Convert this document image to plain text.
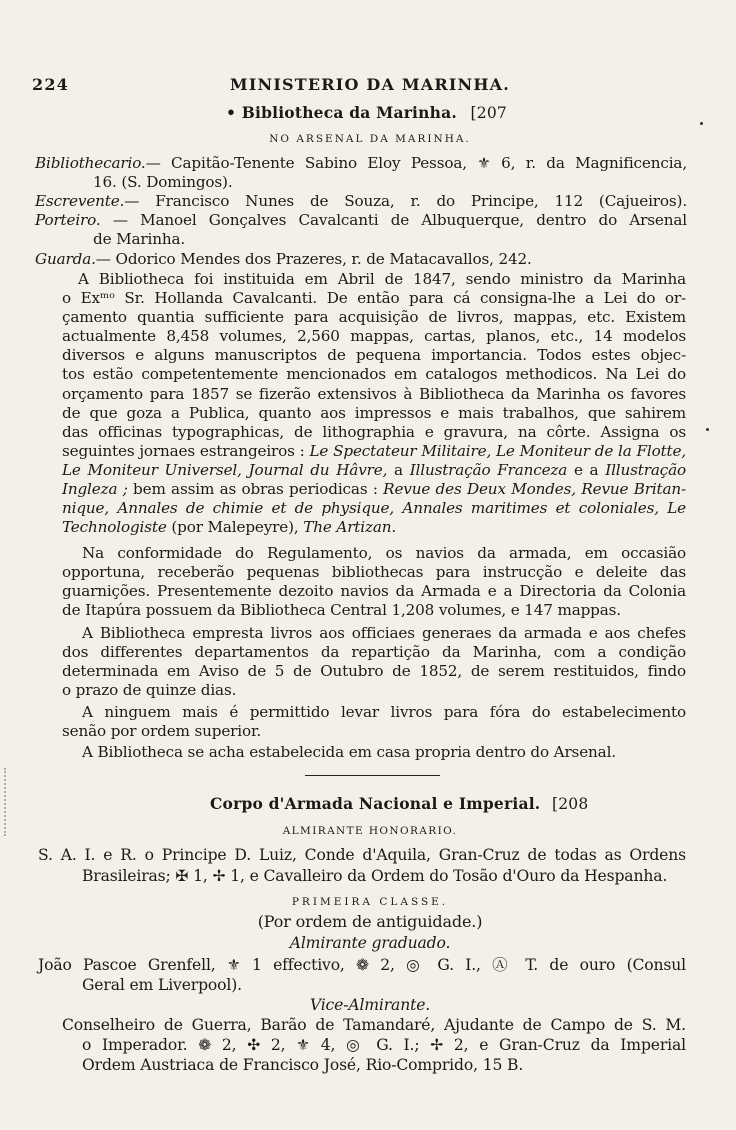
224	MINISTERIO DA MARINHA.
• Bibliotheca da Marinha. [207
NO ARSENAL DA MARINHA.
Bibliothecario.— Capitão-Tenente Sabino Eloy Pessoa, ⚜ 6, r. da Magnificencia,
16. (S. Domingos).
Escrevente.— Francisco Nunes de Souza, r. do Principe, 112 (Cajueiros).
Porteiro. — Manoel Gonçalves Cavalcanti de Albuquerque, dentro do Arsenal
de Marinha.
Guarda.— Odorico Mendes dos Prazeres, r. de Matacavallos, 242.
A Bibliotheca foi instituida em Abril de 1847, sendo ministro da Marinha
o Exᵐᵒ Sr. Hollanda Cavalcanti. De então para cá consigna-lhe a Lei do or-
çamento quantia sufficiente para acquisição de livros, mappas, etc. Existem
actualmente 8,458 volumes, 2,560 mappas, cartas, planos, etc., 14 modelos
diversos e alguns manuscriptos de pequena importancia. Todos estes objec-
tos estão competentemente mencionados em catalogos methodicos. Na Lei do
orçamento para 1857 se fizerão extensivos à Bibliotheca da Marinha os favores
de que goza a Publica, quanto aos impressos e mais trabalhos, que sahirem
das officinas typographicas, de lithographia e gravura, na côrte. Assigna os
seguintes jornaes estrangeiros : Le Spectateur Militaire, Le Moniteur de la Flotte,
Le Moniteur Universel, Journal du Hâvre, a Illustração Franceza e a Illustração
Ingleza ; bem assim as obras periodicas : Revue des Deux Mondes, Revue Britan-
nique, Annales de chimie et de physique, Annales maritimes et coloniales, Le
Technologiste (por Malepeyre), The Artizan.
Na conformidade do Regulamento, os navios da armada, em occasião
opportuna, receberão pequenas bibliothecas para instrucção e deleite das
guarnições. Presentemente dezoito navios da Armada e a Directoria da Colonia
de Itapúra possuem da Bibliotheca Central 1,208 volumes, e 147 mappas.
A Bibliotheca empresta livros aos officiaes generaes da armada e aos chefes
dos differentes departamentos da repartição da Marinha, com a condição
determinada em Aviso de 5 de Outubro de 1852, de serem restituidos, findo
o prazo de quinze dias.
A ninguem mais é permittido levar livros para fóra do estabelecimento
senão por ordem superior.
A Bibliotheca se acha estabelecida em casa propria dentro do Arsenal.
Corpo d'Armada Nacional e Imperial. [208
ALMIRANTE HONORARIO.
S. A. I. e R. o Principe D. Luiz, Conde d'Aquila, Gran-Cruz de todas as Ordens
Brasileiras; ✠ 1, ✢ 1, e Cavalleiro da Ordem do Tosão d'Ouro da Hespanha.
PRIMEIRA CLASSE.
(Por ordem de antiguidade.)
Almirante graduado.
João Pascoe Grenfell, ⚜ 1 effectivo, ❁ 2, ◎ G. I., Ⓐ T. de ouro (Consul
Geral em Liverpool).
Vice-Almirante.
Conselheiro de Guerra, Barão de Tamandaré, Ajudante de Campo de S. M.
o Imperador. ❁ 2, ✣ 2, ⚜ 4, ◎ G. I.; ✢ 2, e Gran-Cruz da Imperial
Ordem Austriaca de Francisco José, Rio-Comprido, 15 B.
